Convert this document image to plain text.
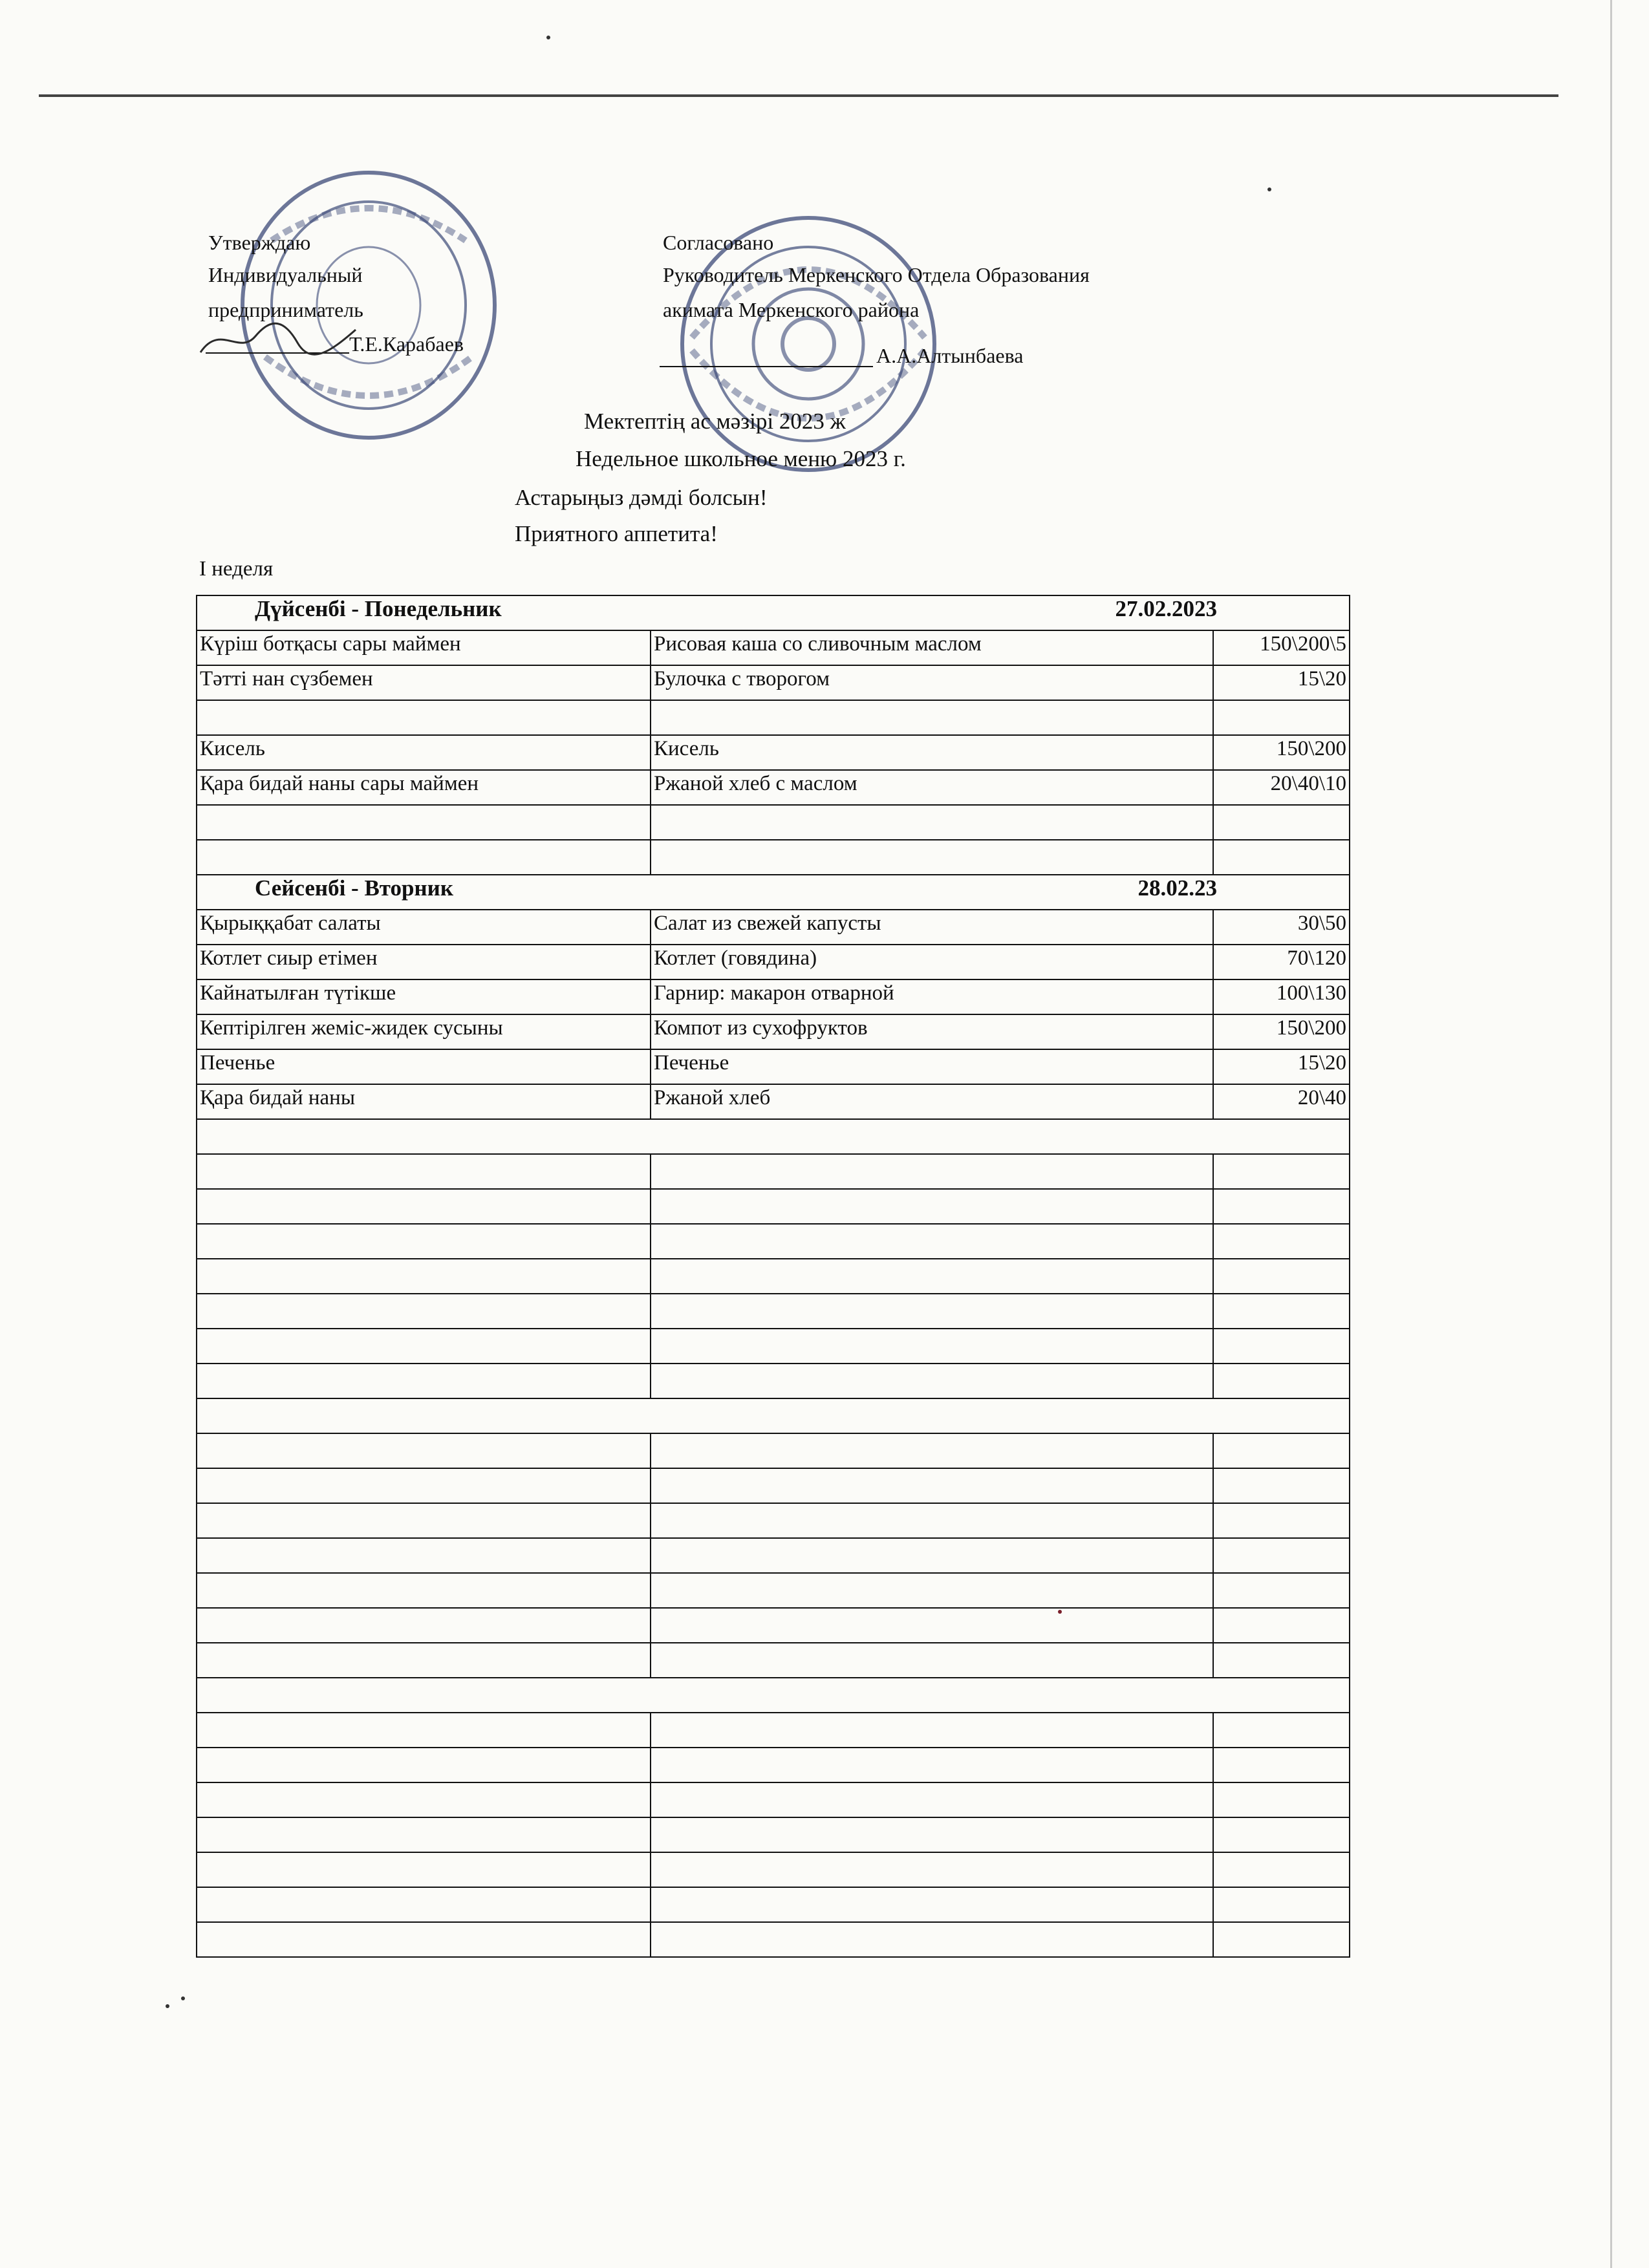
Утверждаю
Индивидуальный
предприниматель
Т.Е.Карабаев
Согласовано
Руководитель Меркенского Отдела Образования
акимата Меркенского района
А.А.Алтынбаева
Мектептің ас мәзірі 2023 ж
Недельное школьное меню 2023 г.
Астарыңыз дәмді болсын!
Приятного аппетита!
I неделя
Дүйсенбі - Понедельник 27.02.2023		

Күріш ботқасы сары маймен	Рисовая каша со сливочным маслом	150\200\5
Тәтті нан сүзбемен	Булочка с творогом	15\20

Кисель	Кисель	150\200
Қара бидай наны сары маймен	Ржаной хлеб с маслом	20\40\10

Сейсенбі - Вторник 28.02.23		

Қырыққабат салаты	Салат из свежей капусты	30\50
Котлет сиыр етімен	Котлет (говядина)	70\120
Кайнатылған түтікше	Гарнир: макарон отварной	100\130
Кептірілген жеміс-жидек сусыны	Компот из сухофруктов	150\200
Печенье	Печенье	15\20
Қара бидай наны	Ржаной хлеб	20\40
